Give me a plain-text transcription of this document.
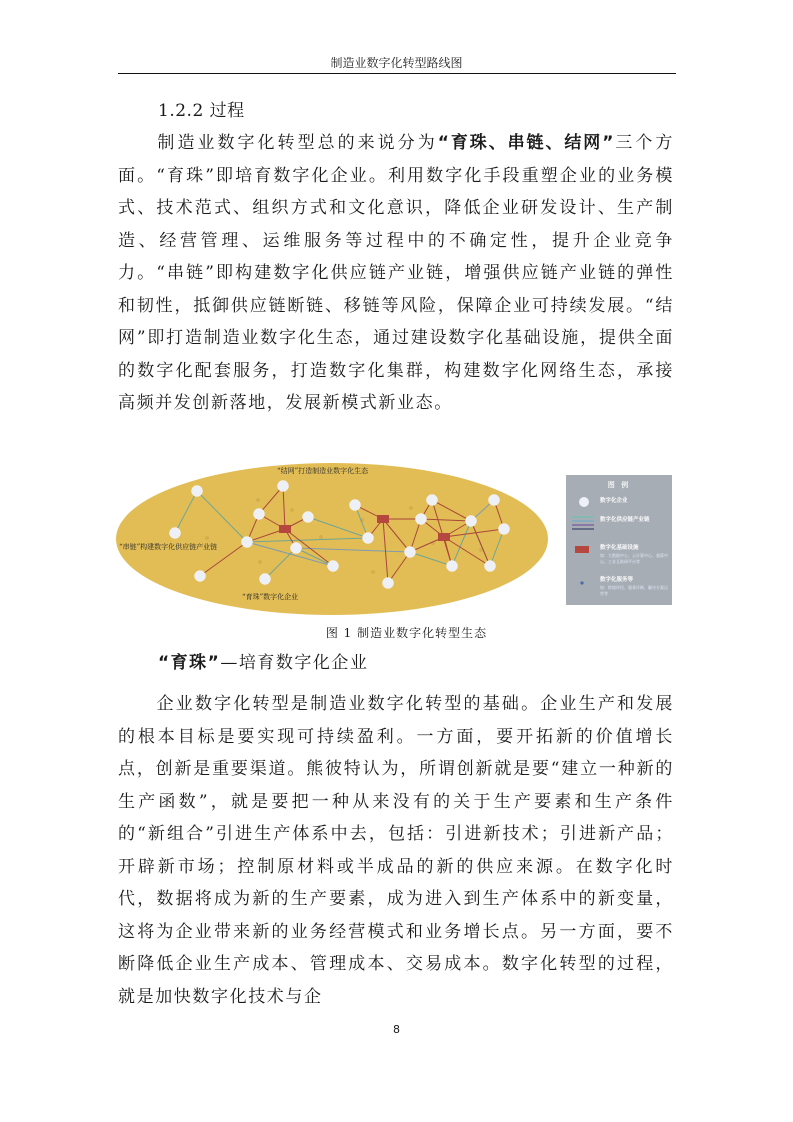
制造业数字化转型路线图
1.2.2 过程

制造业数字化转型总的来说分为“育珠、串链、结网”三个方面。“育珠”即培育数字化企业。利用数字化手段重塑企业的业务模式、技术范式、组织方式和文化意识，降低企业研发设计、生产制造、经营管理、运维服务等过程中的不确定性，提升企业竞争力。“串链”即构建数字化供应链产业链，增强供应链产业链的弹性和韧性，抵御供应链断链、移链等风险，保障企业可持续发展。“结网”即打造制造业数字化生态，通过建设数字化基础设施，提供全面的数字化配套服务，打造数字化集群，构建数字化网络生态，承接高频并发创新落地，发展新模式新业态。

“结网”打造制造业数字化生态
“串链”构建数字化供应链产业链
“育珠”数字化企业
图 例
数字化企业
数字化供应链产业链
数字化基础设施
如：大数据中心、云计算中心、超算中心、工业互联网平台等
数字化服务等
如：跨境评估、服务诊断、解决方案运营等
图 1 制造业数字化转型生态
“育珠”—培育数字化企业

企业数字化转型是制造业数字化转型的基础。企业生产和发展的根本目标是要实现可持续盈利。一方面，要开拓新的价值增长点，创新是重要渠道。熊彼特认为，所谓创新就是要“建立一种新的生产函数”，就是要把一种从来没有的关于生产要素和生产条件的“新组合”引进生产体系中去，包括：引进新技术；引进新产品；开辟新市场；控制原材料或半成品的新的供应来源。在数字化时代，数据将成为新的生产要素，成为进入到生产体系中的新变量，这将为企业带来新的业务经营模式和业务增长点。另一方面，要不断降低企业生产成本、管理成本、交易成本。数字化转型的过程，就是加快数字化技术与企

8
